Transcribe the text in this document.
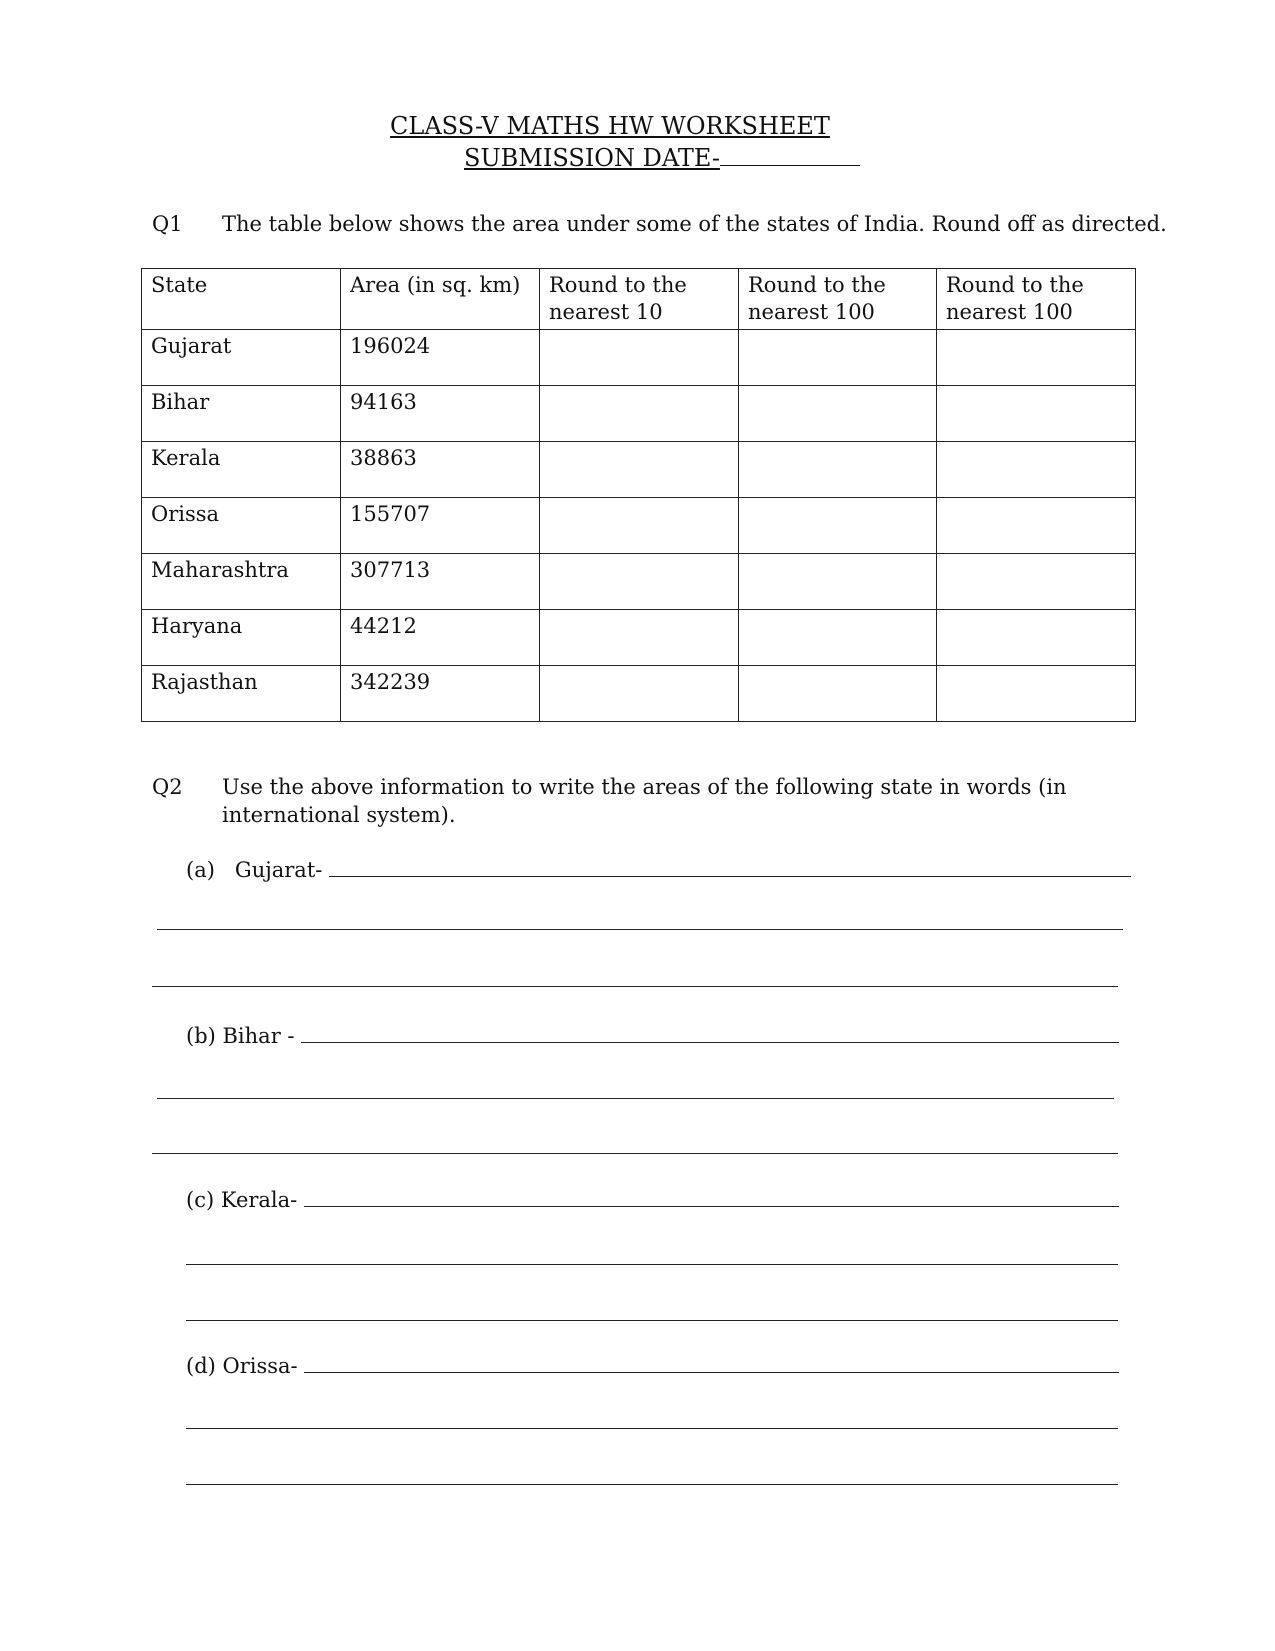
CLASS-V MATHS HW WORKSHEET
SUBMISSION DATE-
Q1 The table below shows the area under some of the states of India. Round off as directed.
State	Area (in sq. km)	Round to the nearest 10	Round to the nearest 100	Round to the nearest 100
Gujarat	196024			
Bihar	94163			
Kerala	38863			
Orissa	155707			
Maharashtra	307713			
Haryana	44212			
Rajasthan	342239			
Q2 Use the above information to write the areas of the following state in words (in international system).
(a)   Gujarat-
(b) Bihar -
(c) Kerala-
(d) Orissa-
